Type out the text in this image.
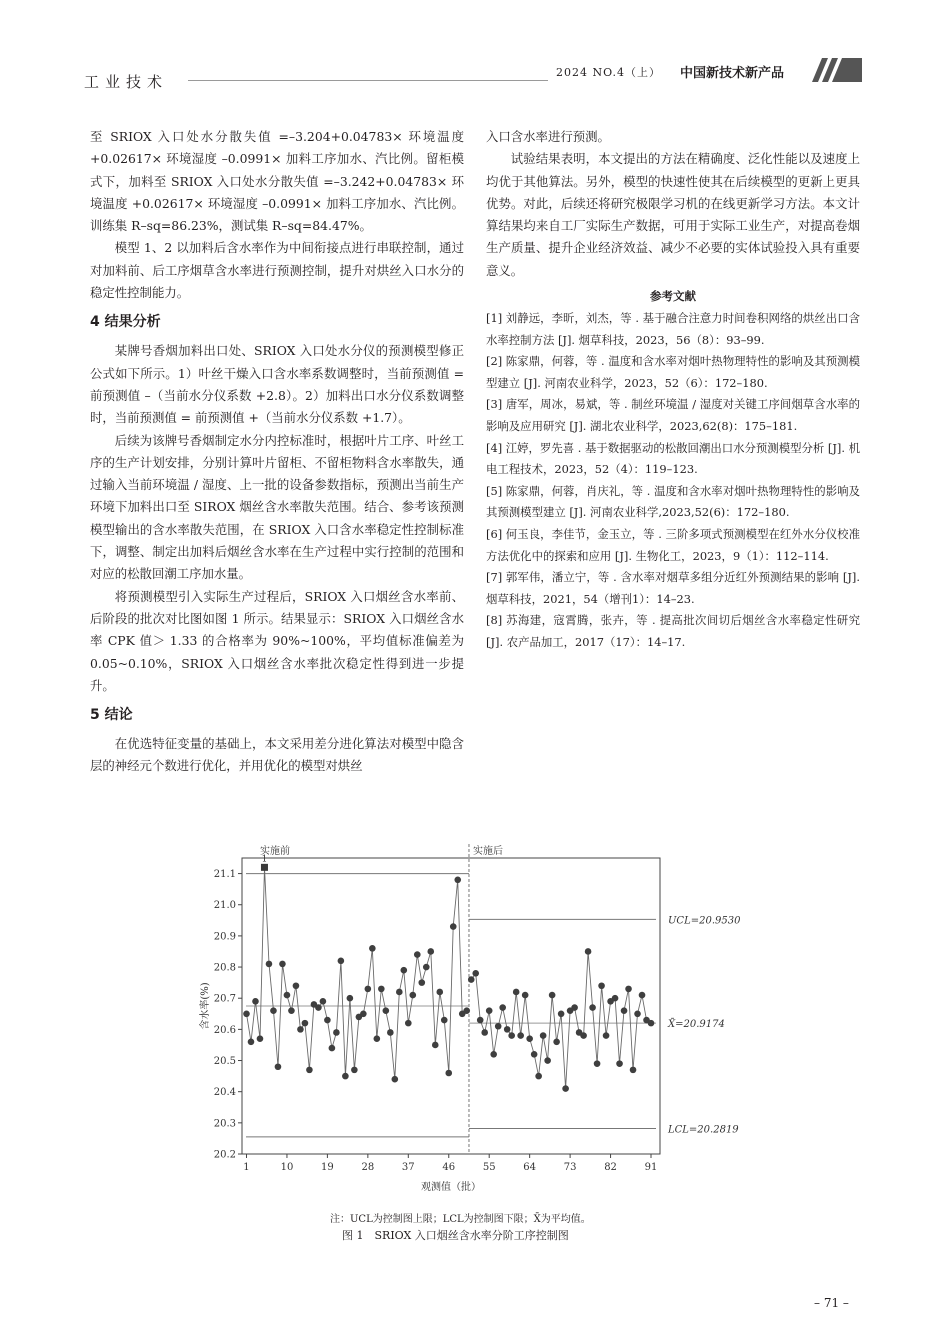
工业技术
2024 NO.4（上） 中国新技术新产品

至 SRIOX 入口处水分散失值 =–3.204+0.04783× 环境温度 +0.02617× 环境湿度 –0.0991× 加料工序加水、汽比例。留柜模式下，加料至 SRIOX 入口处水分散失值 =–3.242+0.04783× 环境温度 +0.02617× 环境湿度 –0.0991× 加料工序加水、汽比例。训练集 R–sq=86.23%，测试集 R–sq=84.47%。

模型 1、2 以加料后含水率作为中间衔接点进行串联控制，通过对加料前、后工序烟草含水率进行预测控制，提升对烘丝入口水分的稳定性控制能力。

4 结果分析

某牌号香烟加料出口处、SRIOX 入口处水分仪的预测模型修正公式如下所示。1）叶丝干燥入口含水率系数调整时，当前预测值 = 前预测值 –（当前水分仪系数 +2.8）。2）加料出口水分仪系数调整时，当前预测值 = 前预测值 +（当前水分仪系数 +1.7）。

后续为该牌号香烟制定水分内控标准时，根据叶片工序、叶丝工序的生产计划安排，分别计算叶片留柜、不留柜物料含水率散失，通过输入当前环境温 / 湿度、上一批的设备参数指标，预测出当前生产环境下加料出口至 SIROX 烟丝含水率散失范围。结合、参考该预测模型输出的含水率散失范围，在 SRIOX 入口含水率稳定性控制标准下，调整、制定出加料后烟丝含水率在生产过程中实行控制的范围和对应的松散回潮工序加水量。

将预测模型引入实际生产过程后，SRIOX 入口烟丝含水率前、后阶段的批次对比图如图 1 所示。结果显示：SRIOX 入口烟丝含水率 CPK 值＞ 1.33 的合格率为 90%~100%，平均值标准偏差为 0.05~0.10%，SRIOX 入口烟丝含水率批次稳定性得到进一步提升。

5 结论

在优选特征变量的基础上，本文采用差分进化算法对模型中隐含层的神经元个数进行优化，并用优化的模型对烘丝

入口含水率进行预测。

试验结果表明，本文提出的方法在精确度、泛化性能以及速度上均优于其他算法。另外，模型的快速性使其在后续模型的更新上更具优势。对此，后续还将研究极限学习机的在线更新学习方法。本文计算结果均来自工厂实际生产数据，可用于实际工业生产，对提高卷烟生产质量、提升企业经济效益、减少不必要的实体试验投入具有重要意义。

参考文献

[1] 刘静远，李昕，刘杰，等 . 基于融合注意力时间卷积网络的烘丝出口含水率控制方法 [J]. 烟草科技，2023，56（8）：93–99.

[2] 陈家鼎，何蓉，等 . 温度和含水率对烟叶热物理特性的影响及其预测模型建立 [J]. 河南农业科学，2023，52（6）：172–180.

[3] 唐军，周冰，易斌，等 . 制丝环境温 / 湿度对关键工序间烟草含水率的影响及应用研究 [J]. 湖北农业科学，2023,62(8)：175–181.

[4] 江婷，罗先喜 . 基于数据驱动的松散回潮出口水分预测模型分析 [J]. 机电工程技术，2023，52（4）：119–123.

[5] 陈家鼎，何蓉，肖庆礼，等 . 温度和含水率对烟叶热物理特性的影响及其预测模型建立 [J]. 河南农业科学,2023,52(6)：172–180.

[6] 何玉良，李佳节，金玉立，等 . 三阶多项式预测模型在红外水分仪校准方法优化中的探索和应用 [J]. 生物化工，2023，9（1）：112–114.

[7] 郭军伟，潘立宁，等 . 含水率对烟草多组分近红外预测结果的影响 [J]. 烟草科技，2021，54（增刊1）：14–23.

[8] 苏海建，寇霄腾，张卉，等 . 提高批次间切后烟丝含水率稳定性研究 [J]. 农产品加工，2017（17）：14–17.

20.2
20.3
20.4
20.5
20.6
20.7
20.8
20.9
21.0
21.1
1	10	19	28	37	46	55	64	73	82	91
观测值（批）
含水率(%)
实施前	实施后
UCL=20.9530
X̄=20.9174
LCL=20.2819
1
注：UCL为控制图上限；LCL为控制图下限；X̄为平均值。
图 1　SRIOX 入口烟丝含水率分阶工序控制图
– 71 –
